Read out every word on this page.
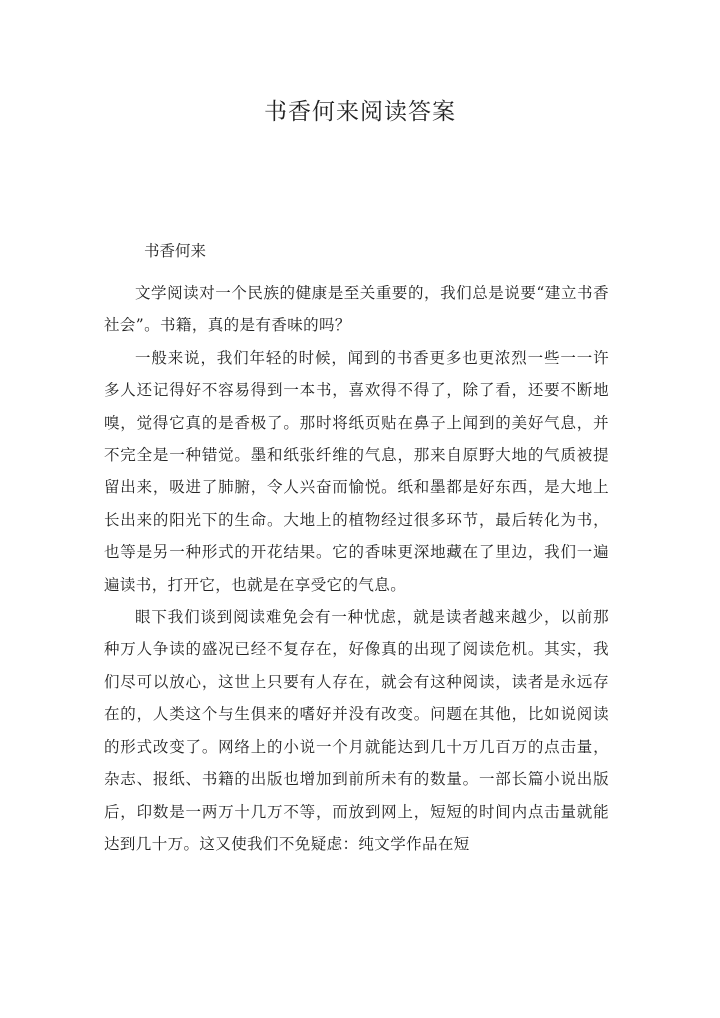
书香何来阅读答案

书香何来

文学阅读对一个民族的健康是至关重要的，我们总是说要“建立书香社会”。书籍，真的是有香味的吗？

一般来说，我们年轻的时候，闻到的书香更多也更浓烈一些一一许多人还记得好不容易得到一本书，喜欢得不得了，除了看，还要不断地嗅，觉得它真的是香极了。那时将纸页贴在鼻子上闻到的美好气息，并不完全是一种错觉。墨和纸张纤维的气息，那来自原野大地的气质被提留出来，吸进了肺腑，令人兴奋而愉悦。纸和墨都是好东西，是大地上长出来的阳光下的生命。大地上的植物经过很多环节，最后转化为书，也等是另一种形式的开花结果。它的香味更深地藏在了里边，我们一遍遍读书，打开它，也就是在享受它的气息。

眼下我们谈到阅读难免会有一种忧虑，就是读者越来越少，以前那种万人争读的盛况已经不复存在，好像真的出现了阅读危机。其实，我们尽可以放心，这世上只要有人存在，就会有这种阅读，读者是永远存在的，人类这个与生俱来的嗜好并没有改变。问题在其他，比如说阅读的形式改变了。网络上的小说一个月就能达到几十万几百万的点击量，杂志、报纸、书籍的出版也增加到前所未有的数量。一部长篇小说出版后，印数是一两万十几万不等，而放到网上，短短的时间内点击量就能达到几十万。这又使我们不免疑虑：纯文学作品在短
